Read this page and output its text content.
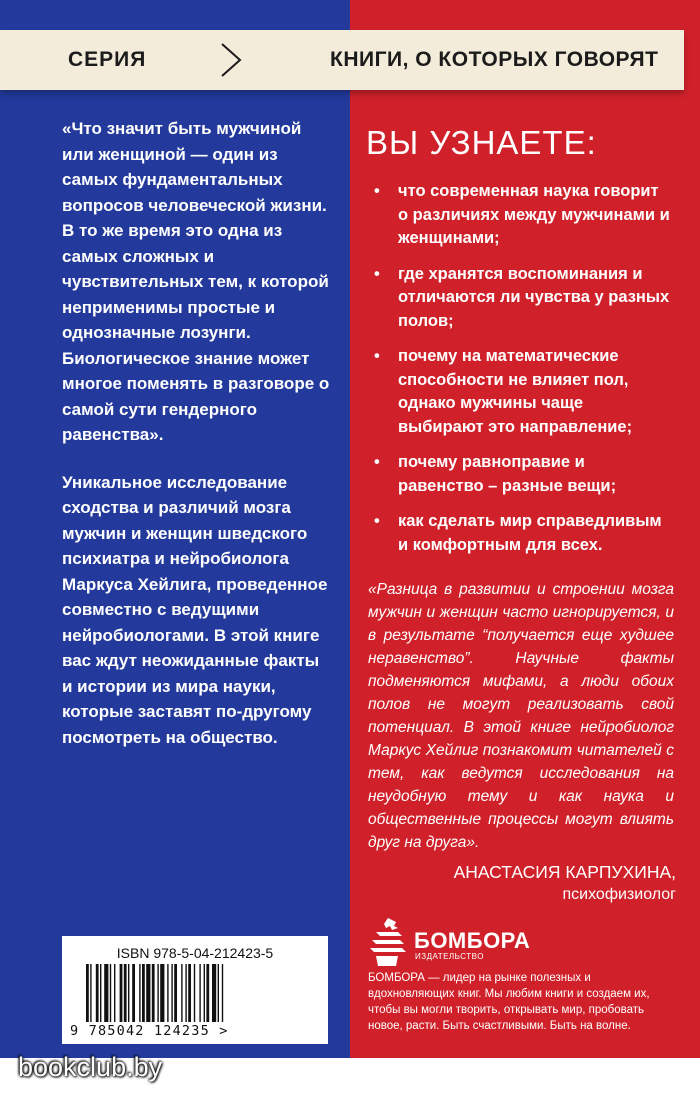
СЕРИЯ	КНИГИ, О КОТОРЫХ ГОВОРЯТ

«Что значит быть мужчиной или женщиной — один из самых фундаментальных вопросов человеческой жизни. В то же время это одна из самых сложных и чувствительных тем, к которой неприменимы простые и однозначные лозунги. Биологическое знание может многое поменять в разговоре о самой сути гендерного равенства».

Уникальное исследование сходства и различий мозга мужчин и женщин шведского психиатра и нейробиолога Маркуса Хейлига, проведенное совместно с ведущими нейробиологами. В этой книге вас ждут неожиданные факты и истории из мира науки, которые заставят по-другому посмотреть на общество.

ВЫ УЗНАЕТЕ:
• что современная наука говорит о различиях между мужчинами и женщинами;
• где хранятся воспоминания и отличаются ли чувства у разных полов;
• почему на математические способности не влияет пол, однако мужчины чаще выбирают это направление;
• почему равноправие и равенство – разные вещи;
• как сделать мир справедливым и комфортным для всех.
«Разница в развитии и строении мозга мужчин и женщин часто игнорируется, и в результате “получается еще худшее неравенство”. Научные факты подменяются мифами, а люди обоих полов не могут реализовать свой потенциал. В этой книге нейробиолог Маркус Хейлиг познакомит читателей с тем, как ведутся исследования на неудобную тему и как наука и общественные процессы могут влиять друг на друга».
АНАСТАСИЯ КАРПУХИНА,
психофизиолог
ISBN 978-5-04-212423-5
9 785042 124235 >
БОМБОРА
ИЗДАТЕЛЬСТВО
БОМБОРА — лидер на рынке полезных и вдохновляющих книг. Мы любим книги и создаем их, чтобы вы могли творить, открывать мир, пробовать новое, расти. Быть счастливыми. Быть на волне.
bookclub.by
